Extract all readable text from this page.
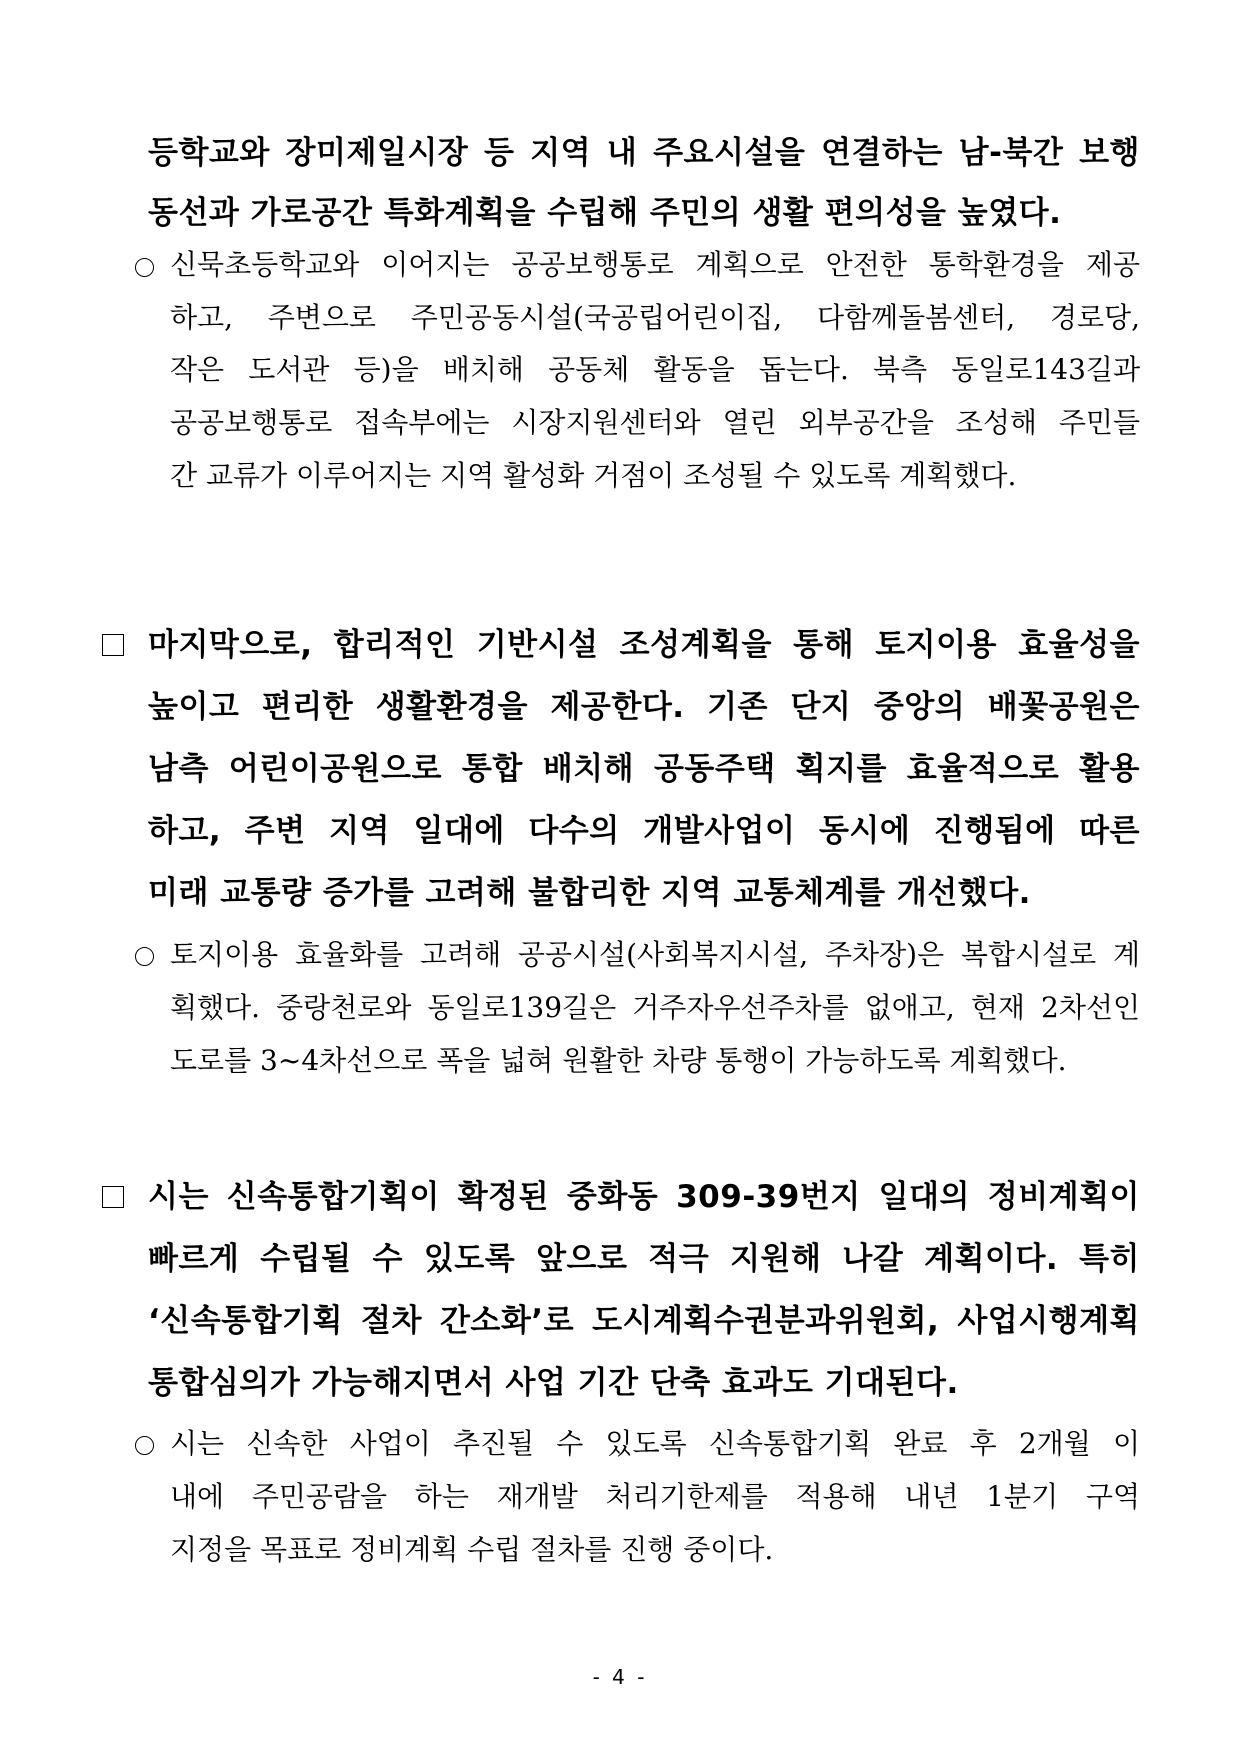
등학교와 장미제일시장 등 지역 내 주요시설을 연결하는 남-북간 보행
동선과 가로공간 특화계획을 수립해 주민의 생활 편의성을 높였다.
신묵초등학교와 이어지는 공공보행통로 계획으로 안전한 통학환경을 제공
하고, 주변으로 주민공동시설(국공립어린이집, 다함께돌봄센터, 경로당,
작은 도서관 등)을 배치해 공동체 활동을 돕는다. 북측 동일로143길과
공공보행통로 접속부에는 시장지원센터와 열린 외부공간을 조성해 주민들
간 교류가 이루어지는 지역 활성화 거점이 조성될 수 있도록 계획했다.
마지막으로, 합리적인 기반시설 조성계획을 통해 토지이용 효율성을
높이고 편리한 생활환경을 제공한다. 기존 단지 중앙의 배꽃공원은
남측 어린이공원으로 통합 배치해 공동주택 획지를 효율적으로 활용
하고, 주변 지역 일대에 다수의 개발사업이 동시에 진행됨에 따른
미래 교통량 증가를 고려해 불합리한 지역 교통체계를 개선했다.
토지이용 효율화를 고려해 공공시설(사회복지시설, 주차장)은 복합시설로 계
획했다. 중랑천로와 동일로139길은 거주자우선주차를 없애고, 현재 2차선인
도로를 3~4차선으로 폭을 넓혀 원활한 차량 통행이 가능하도록 계획했다.
시는 신속통합기획이 확정된 중화동 309-39번지 일대의 정비계획이
빠르게 수립될 수 있도록 앞으로 적극 지원해 나갈 계획이다. 특히
‘신속통합기획 절차 간소화’로 도시계획수권분과위원회, 사업시행계획
통합심의가 가능해지면서 사업 기간 단축 효과도 기대된다.
시는 신속한 사업이 추진될 수 있도록 신속통합기획 완료 후 2개월 이
내에 주민공람을 하는 재개발 처리기한제를 적용해 내년 1분기 구역
지정을 목표로 정비계획 수립 절차를 진행 중이다.
- 4 -
